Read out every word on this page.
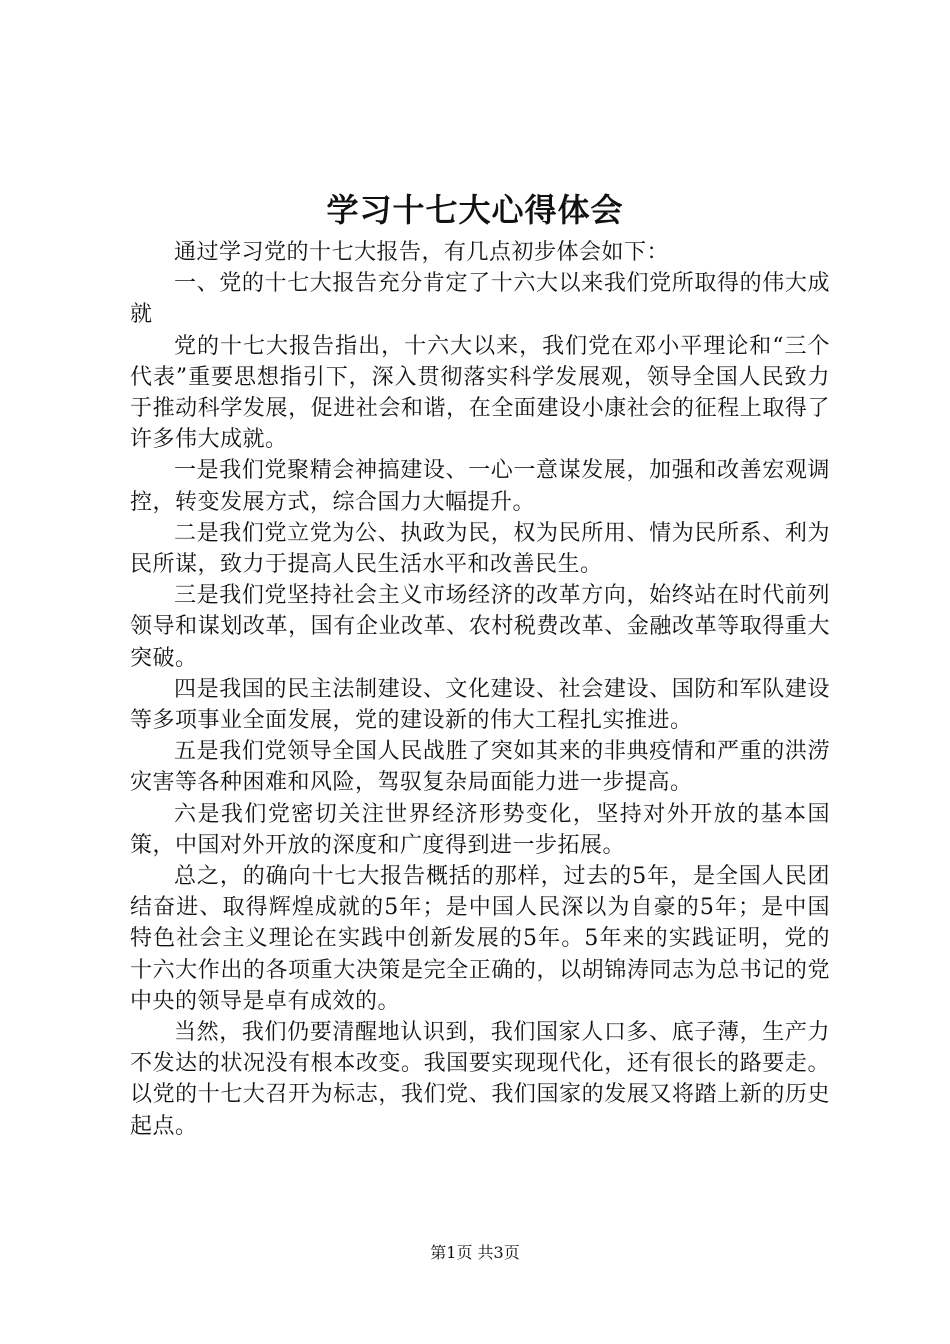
学习十七大心得体会

通过学习党的十七大报告，有几点初步体会如下：

一、党的十七大报告充分肯定了十六大以来我们党所取得的伟大成就

党的十七大报告指出，十六大以来，我们党在邓小平理论和“三个代表”重要思想指引下，深入贯彻落实科学发展观，领导全国人民致力于推动科学发展，促进社会和谐，在全面建设小康社会的征程上取得了许多伟大成就。

一是我们党聚精会神搞建设、一心一意谋发展，加强和改善宏观调控，转变发展方式，综合国力大幅提升。

二是我们党立党为公、执政为民，权为民所用、情为民所系、利为民所谋，致力于提高人民生活水平和改善民生。

三是我们党坚持社会主义市场经济的改革方向，始终站在时代前列领导和谋划改革，国有企业改革、农村税费改革、金融改革等取得重大突破。

四是我国的民主法制建设、文化建设、社会建设、国防和军队建设等多项事业全面发展，党的建设新的伟大工程扎实推进。

五是我们党领导全国人民战胜了突如其来的非典疫情和严重的洪涝灾害等各种困难和风险，驾驭复杂局面能力进一步提高。

六是我们党密切关注世界经济形势变化，坚持对外开放的基本国策，中国对外开放的深度和广度得到进一步拓展。

总之，的确向十七大报告概括的那样，过去的5年，是全国人民团结奋进、取得辉煌成就的5年；是中国人民深以为自豪的5年；是中国特色社会主义理论在实践中创新发展的5年。5年来的实践证明，党的十六大作出的各项重大决策是完全正确的，以胡锦涛同志为总书记的党中央的领导是卓有成效的。

当然，我们仍要清醒地认识到，我们国家人口多、底子薄，生产力不发达的状况没有根本改变。我国要实现现代化，还有很长的路要走。以党的十七大召开为标志，我们党、我们国家的发展又将踏上新的历史起点。

第1页 共3页
